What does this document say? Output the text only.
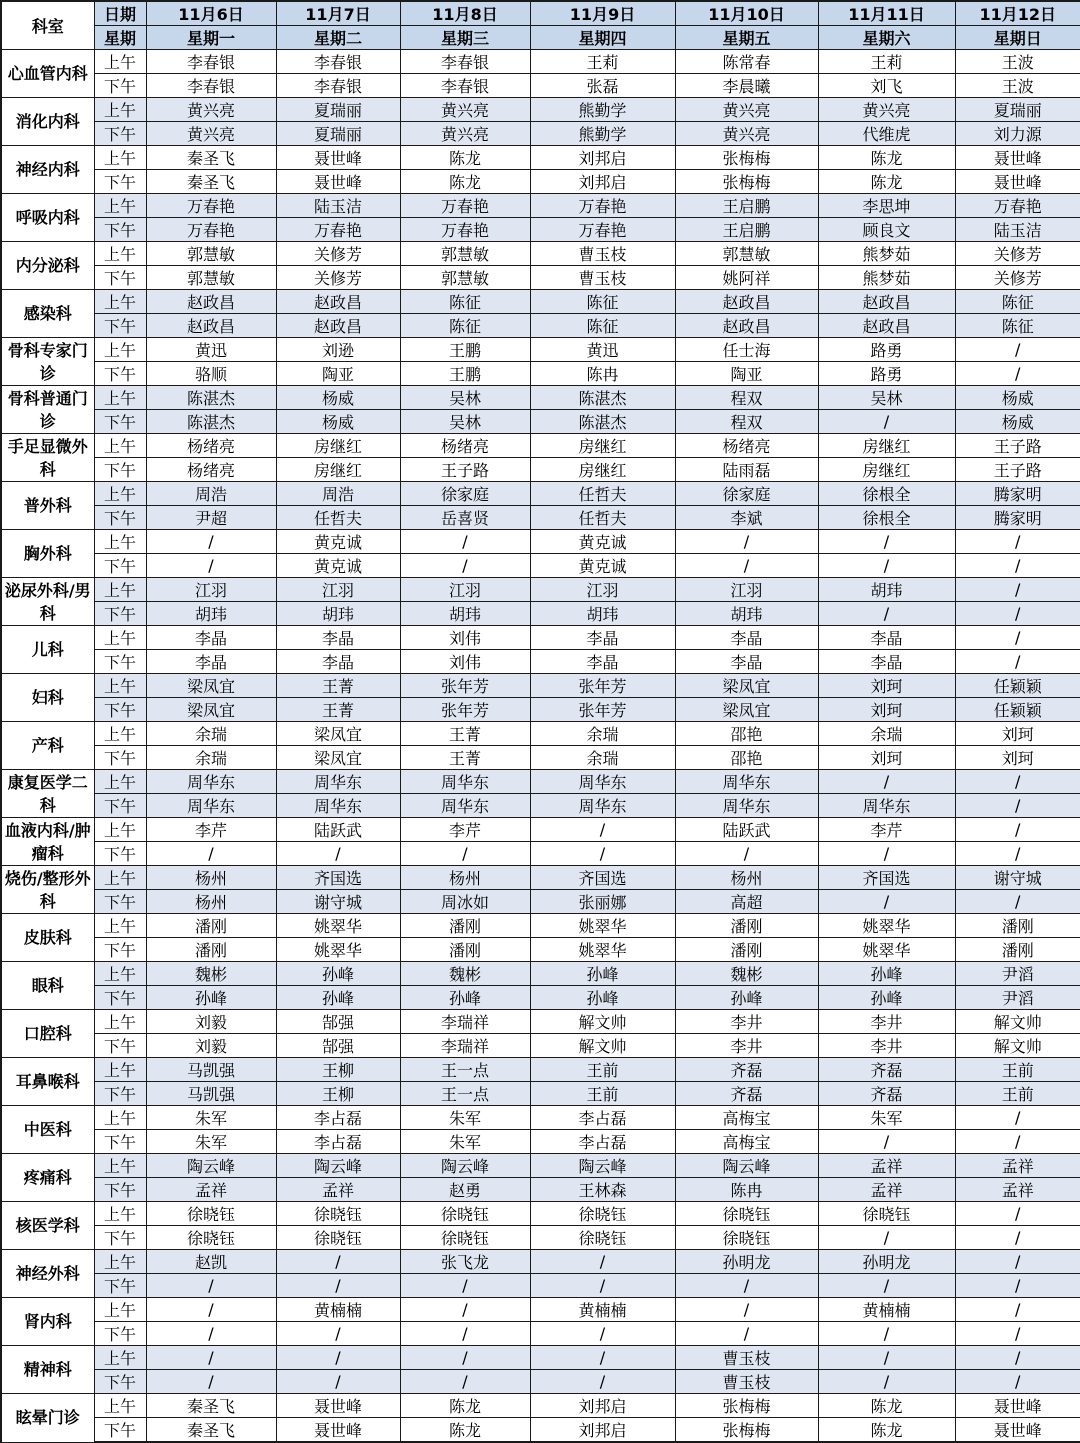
科室	日期	11月6日	11月7日	11月8日	11月9日	11月10日	11月11日	11月12日
	星期	星期一	星期二	星期三	星期四	星期五	星期六	星期日
心血管内科	上午	李春银	李春银	李春银	王莉	陈常春	王莉	王波
	下午	李春银	李春银	李春银	张磊	李晨曦	刘飞	王波
消化内科	上午	黄兴亮	夏瑞丽	黄兴亮	熊勤学	黄兴亮	黄兴亮	夏瑞丽
	下午	黄兴亮	夏瑞丽	黄兴亮	熊勤学	黄兴亮	代维虎	刘力源
神经内科	上午	秦圣飞	聂世峰	陈龙	刘邦启	张梅梅	陈龙	聂世峰
	下午	秦圣飞	聂世峰	陈龙	刘邦启	张梅梅	陈龙	聂世峰
呼吸内科	上午	万春艳	陆玉洁	万春艳	万春艳	王启鹏	李思坤	万春艳
	下午	万春艳	万春艳	万春艳	万春艳	王启鹏	顾良文	陆玉洁
内分泌科	上午	郭慧敏	关修芳	郭慧敏	曹玉枝	郭慧敏	熊梦茹	关修芳
	下午	郭慧敏	关修芳	郭慧敏	曹玉枝	姚阿祥	熊梦茹	关修芳
感染科	上午	赵政昌	赵政昌	陈征	陈征	赵政昌	赵政昌	陈征
	下午	赵政昌	赵政昌	陈征	陈征	赵政昌	赵政昌	陈征
骨科专家门诊	上午	黄迅	刘逊	王鹏	黄迅	任士海	路勇	/
	下午	骆顺	陶亚	王鹏	陈冉	陶亚	路勇	/
骨科普通门诊	上午	陈湛杰	杨威	吴林	陈湛杰	程双	吴林	杨威
	下午	陈湛杰	杨威	吴林	陈湛杰	程双	/	杨威
手足显微外科	上午	杨绪亮	房继红	杨绪亮	房继红	杨绪亮	房继红	王子路
	下午	杨绪亮	房继红	王子路	房继红	陆雨磊	房继红	王子路
普外科	上午	周浩	周浩	徐家庭	任哲夫	徐家庭	徐根全	腾家明
	下午	尹超	任哲夫	岳喜贤	任哲夫	李斌	徐根全	腾家明
胸外科	上午	/	黄克诚	/	黄克诚	/	/	/
	下午	/	黄克诚	/	黄克诚	/	/	/
泌尿外科/男科	上午	江羽	江羽	江羽	江羽	江羽	胡玮	/
	下午	胡玮	胡玮	胡玮	胡玮	胡玮	/	/
儿科	上午	李晶	李晶	刘伟	李晶	李晶	李晶	/
	下午	李晶	李晶	刘伟	李晶	李晶	李晶	/
妇科	上午	梁凤宜	王菁	张年芳	张年芳	梁凤宜	刘珂	任颖颖
	下午	梁凤宜	王菁	张年芳	张年芳	梁凤宜	刘珂	任颖颖
产科	上午	余瑞	梁凤宜	王菁	余瑞	邵艳	余瑞	刘珂
	下午	余瑞	梁凤宜	王菁	余瑞	邵艳	刘珂	刘珂
康复医学二科	上午	周华东	周华东	周华东	周华东	周华东	/	/
	下午	周华东	周华东	周华东	周华东	周华东	周华东	/
血液内科/肿瘤科	上午	李芹	陆跃武	李芹	/	陆跃武	李芹	/
	下午	/	/	/	/	/	/	/
烧伤/整形外科	上午	杨州	齐国选	杨州	齐国选	杨州	齐国选	谢守城
	下午	杨州	谢守城	周冰如	张丽娜	高超	/	/
皮肤科	上午	潘刚	姚翠华	潘刚	姚翠华	潘刚	姚翠华	潘刚
	下午	潘刚	姚翠华	潘刚	姚翠华	潘刚	姚翠华	潘刚
眼科	上午	魏彬	孙峰	魏彬	孙峰	魏彬	孙峰	尹滔
	下午	孙峰	孙峰	孙峰	孙峰	孙峰	孙峰	尹滔
口腔科	上午	刘毅	郜强	李瑞祥	解文帅	李井	李井	解文帅
	下午	刘毅	郜强	李瑞祥	解文帅	李井	李井	解文帅
耳鼻喉科	上午	马凯强	王柳	王一点	王前	齐磊	齐磊	王前
	下午	马凯强	王柳	王一点	王前	齐磊	齐磊	王前
中医科	上午	朱军	李占磊	朱军	李占磊	高梅宝	朱军	/
	下午	朱军	李占磊	朱军	李占磊	高梅宝	/	/
疼痛科	上午	陶云峰	陶云峰	陶云峰	陶云峰	陶云峰	孟祥	孟祥
	下午	孟祥	孟祥	赵勇	王林森	陈冉	孟祥	孟祥
核医学科	上午	徐晓钰	徐晓钰	徐晓钰	徐晓钰	徐晓钰	徐晓钰	/
	下午	徐晓钰	徐晓钰	徐晓钰	徐晓钰	徐晓钰	/	/
神经外科	上午	赵凯	/	张飞龙	/	孙明龙	孙明龙	/
	下午	/	/	/	/	/	/	/
肾内科	上午	/	黄楠楠	/	黄楠楠	/	黄楠楠	/
	下午	/	/	/	/	/	/	/
精神科	上午	/	/	/	/	曹玉枝	/	/
	下午	/	/	/	/	曹玉枝	/	/
眩晕门诊	上午	秦圣飞	聂世峰	陈龙	刘邦启	张梅梅	陈龙	聂世峰
	下午	秦圣飞	聂世峰	陈龙	刘邦启	张梅梅	陈龙	聂世峰
